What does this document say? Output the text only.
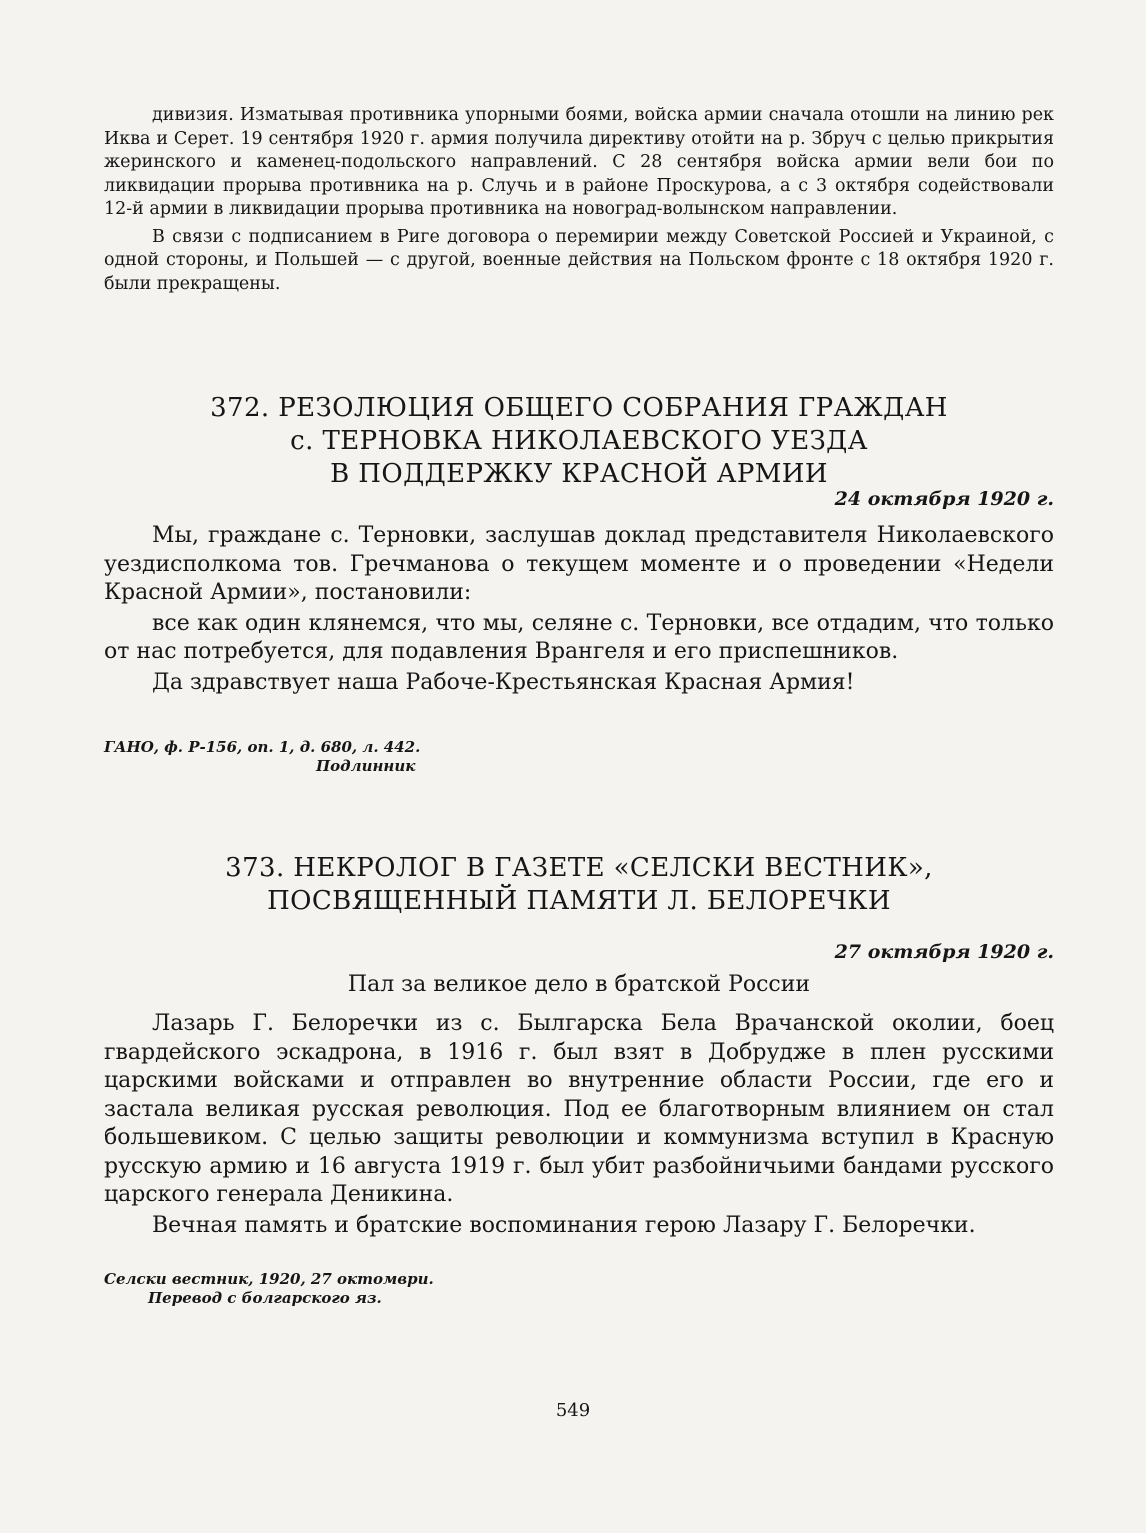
дивизия. Изматывая противника упорными боями, войска армии сначала отошли на линию рек Иква и Серет. 19 сентября 1920 г. армия получила директиву отойти на р. Збруч с целью прикрытия жеринского и каменец-подольского направлений. С 28 сентября войска армии вели бои по ликвидации прорыва противника на р. Случь и в районе Проскурова, а с 3 октября содействовали 12-й армии в ликвидации прорыва противника на новоград-волынском направлении.

В связи с подписанием в Риге договора о перемирии между Советской Россией и Украиной, с одной стороны, и Польшей — с другой, военные действия на Польском фронте с 18 октября 1920 г. были прекращены.

372. РЕЗОЛЮЦИЯ ОБЩЕГО СОБРАНИЯ ГРАЖДАН
с. ТЕРНОВКА НИКОЛАЕВСКОГО УЕЗДА
В ПОДДЕРЖКУ КРАСНОЙ АРМИИ
24 октября 1920 г.

Мы, граждане с. Терновки, заслушав доклад представителя Николаевского уездисполкома тов. Гречманова о текущем моменте и о проведении «Недели Красной Армии», постановили:

все как один клянемся, что мы, селяне с. Терновки, все отдадим, что только от нас потребуется, для подавления Врангеля и его приспешников.

Да здравствует наша Рабоче-Крестьянская Красная Армия!

ГАНО, ф. Р-156, оп. 1, д. 680, л. 442.
Подлинник
373. НЕКРОЛОГ В ГАЗЕТЕ «СЕЛСКИ ВЕСТНИК»,
ПОСВЯЩЕННЫЙ ПАМЯТИ Л. БЕЛОРЕЧКИ
27 октября 1920 г.
Пал за великое дело в братской России

Лазарь Г. Белоречки из с. Былгарска Бела Врачанской околии, боец гвардейского эскадрона, в 1916 г. был взят в Добрудже в плен русскими царскими войсками и отправлен во внутренние области России, где его и застала великая русская революция. Под ее благотворным влиянием он стал большевиком. С целью защиты революции и коммунизма вступил в Красную русскую армию и 16 августа 1919 г. был убит разбойничьими бандами русского царского генерала Деникина.

Вечная память и братские воспоминания герою Лазару Г. Белоречки.

Селски вестник, 1920, 27 октомври.
Перевод с болгарского яз.
549
